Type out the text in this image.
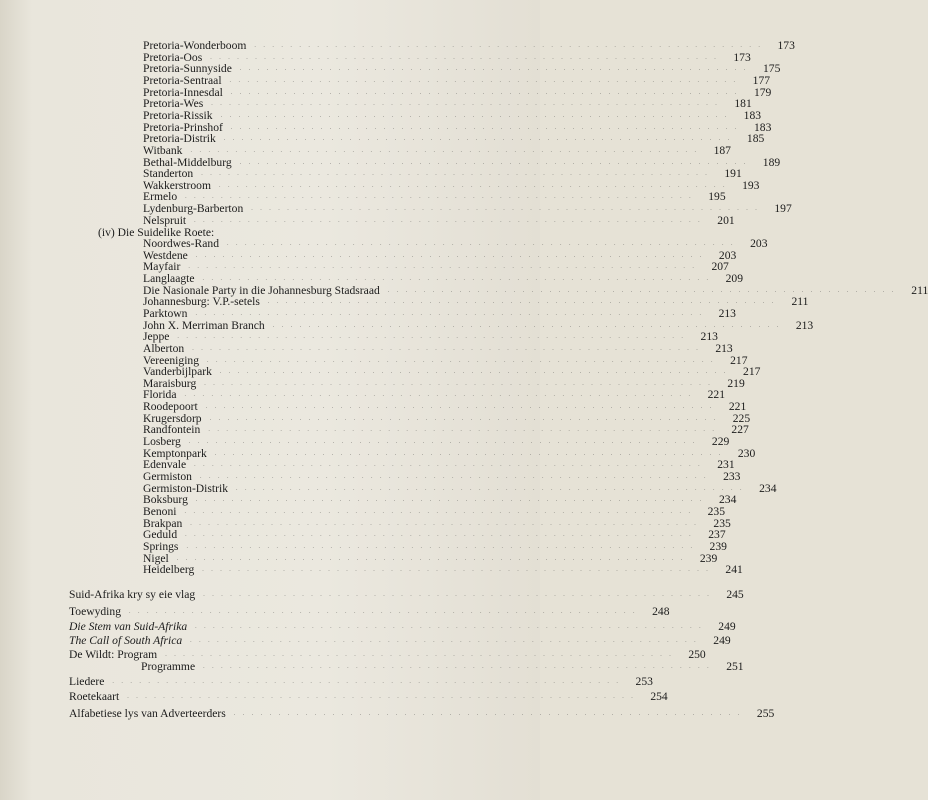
(iv) Die Suidelike Roete:
Pretoria-Wonderboom . . . . . . . . . . . . . . . . . . . . . . . . . . . . . . . . . . . . . . . . . . . . . . . . . . . . . . . . .	173
Pretoria-Oos . . . . . . . . . . . . . . . . . . . . . . . . . . . . . . . . . . . . . . . . . . . . . . . . . . . . . . . . .	173
Pretoria-Sunnyside . . . . . . . . . . . . . . . . . . . . . . . . . . . . . . . . . . . . . . . . . . . . . . . . . . . . . . . . .	175
Pretoria-Sentraal . . . . . . . . . . . . . . . . . . . . . . . . . . . . . . . . . . . . . . . . . . . . . . . . . . . . . . . . .	177
Pretoria-Innesdal . . . . . . . . . . . . . . . . . . . . . . . . . . . . . . . . . . . . . . . . . . . . . . . . . . . . . . . . .	179
Pretoria-Wes . . . . . . . . . . . . . . . . . . . . . . . . . . . . . . . . . . . . . . . . . . . . . . . . . . . . . . . . .	181
Pretoria-Rissik . . . . . . . . . . . . . . . . . . . . . . . . . . . . . . . . . . . . . . . . . . . . . . . . . . . . . . . . .	183
Pretoria-Prinshof . . . . . . . . . . . . . . . . . . . . . . . . . . . . . . . . . . . . . . . . . . . . . . . . . . . . . . . . .	183
Pretoria-Distrik . . . . . . . . . . . . . . . . . . . . . . . . . . . . . . . . . . . . . . . . . . . . . . . . . . . . . . . . .	185
Witbank . . . . . . . . . . . . . . . . . . . . . . . . . . . . . . . . . . . . . . . . . . . . . . . . . . . . . . . . .	187
Bethal-Middelburg . . . . . . . . . . . . . . . . . . . . . . . . . . . . . . . . . . . . . . . . . . . . . . . . . . . . . . . . .	189
Standerton . . . . . . . . . . . . . . . . . . . . . . . . . . . . . . . . . . . . . . . . . . . . . . . . . . . . . . . . .	191
Wakkerstroom . . . . . . . . . . . . . . . . . . . . . . . . . . . . . . . . . . . . . . . . . . . . . . . . . . . . . . . . .	193
Ermelo . . . . . . . . . . . . . . . . . . . . . . . . . . . . . . . . . . . . . . . . . . . . . . . . . . . . . . . . .	195
Lydenburg-Barberton . . . . . . . . . . . . . . . . . . . . . . . . . . . . . . . . . . . . . . . . . . . . . . . . . . . . . . . . .	197
Nelspruit . . . . . . . . . . . . . . . . . . . . . . . . . . . . . . . . . . . . . . . . . . . . . . . . . . . . . . . . .	201
Noordwes-Rand . . . . . . . . . . . . . . . . . . . . . . . . . . . . . . . . . . . . . . . . . . . . . . . . . . . . . . . . .	203
Westdene . . . . . . . . . . . . . . . . . . . . . . . . . . . . . . . . . . . . . . . . . . . . . . . . . . . . . . . . .	203
Mayfair . . . . . . . . . . . . . . . . . . . . . . . . . . . . . . . . . . . . . . . . . . . . . . . . . . . . . . . . .	207
Langlaagte . . . . . . . . . . . . . . . . . . . . . . . . . . . . . . . . . . . . . . . . . . . . . . . . . . . . . . . . .	209
Die Nasionale Party in die Johannesburg Stadsraad . . . . . . . . . . . . . . . . . . . . . . . . . . . . . . . . . . . . . . . . . . . . . . . . . . . . . . . . .	211
Johannesburg: V.P.-setels . . . . . . . . . . . . . . . . . . . . . . . . . . . . . . . . . . . . . . . . . . . . . . . . . . . . . . . . .	211
Parktown . . . . . . . . . . . . . . . . . . . . . . . . . . . . . . . . . . . . . . . . . . . . . . . . . . . . . . . . .	213
John X. Merriman Branch . . . . . . . . . . . . . . . . . . . . . . . . . . . . . . . . . . . . . . . . . . . . . . . . . . . . . . . . .	213
Jeppe . . . . . . . . . . . . . . . . . . . . . . . . . . . . . . . . . . . . . . . . . . . . . . . . . . . . . . . . .	213
Alberton . . . . . . . . . . . . . . . . . . . . . . . . . . . . . . . . . . . . . . . . . . . . . . . . . . . . . . . . .	213
Vereeniging . . . . . . . . . . . . . . . . . . . . . . . . . . . . . . . . . . . . . . . . . . . . . . . . . . . . . . . . .	217
Vanderbijlpark . . . . . . . . . . . . . . . . . . . . . . . . . . . . . . . . . . . . . . . . . . . . . . . . . . . . . . . . .	217
Maraisburg . . . . . . . . . . . . . . . . . . . . . . . . . . . . . . . . . . . . . . . . . . . . . . . . . . . . . . . . .	219
Florida . . . . . . . . . . . . . . . . . . . . . . . . . . . . . . . . . . . . . . . . . . . . . . . . . . . . . . . . .	221
Roodepoort . . . . . . . . . . . . . . . . . . . . . . . . . . . . . . . . . . . . . . . . . . . . . . . . . . . . . . . . .	221
Krugersdorp . . . . . . . . . . . . . . . . . . . . . . . . . . . . . . . . . . . . . . . . . . . . . . . . . . . . . . . . .	225
Randfontein . . . . . . . . . . . . . . . . . . . . . . . . . . . . . . . . . . . . . . . . . . . . . . . . . . . . . . . . .	227
Losberg . . . . . . . . . . . . . . . . . . . . . . . . . . . . . . . . . . . . . . . . . . . . . . . . . . . . . . . . .	229
Kemptonpark . . . . . . . . . . . . . . . . . . . . . . . . . . . . . . . . . . . . . . . . . . . . . . . . . . . . . . . . .	230
Edenvale . . . . . . . . . . . . . . . . . . . . . . . . . . . . . . . . . . . . . . . . . . . . . . . . . . . . . . . . .	231
Germiston . . . . . . . . . . . . . . . . . . . . . . . . . . . . . . . . . . . . . . . . . . . . . . . . . . . . . . . . .	233
Germiston-Distrik . . . . . . . . . . . . . . . . . . . . . . . . . . . . . . . . . . . . . . . . . . . . . . . . . . . . . . . . .	234
Boksburg . . . . . . . . . . . . . . . . . . . . . . . . . . . . . . . . . . . . . . . . . . . . . . . . . . . . . . . . .	234
Benoni . . . . . . . . . . . . . . . . . . . . . . . . . . . . . . . . . . . . . . . . . . . . . . . . . . . . . . . . .	235
Brakpan . . . . . . . . . . . . . . . . . . . . . . . . . . . . . . . . . . . . . . . . . . . . . . . . . . . . . . . . .	235
Geduld . . . . . . . . . . . . . . . . . . . . . . . . . . . . . . . . . . . . . . . . . . . . . . . . . . . . . . . . .	237
Springs . . . . . . . . . . . . . . . . . . . . . . . . . . . . . . . . . . . . . . . . . . . . . . . . . . . . . . . . .	239
Nigel . . . . . . . . . . . . . . . . . . . . . . . . . . . . . . . . . . . . . . . . . . . . . . . . . . . . . . . . .	239
Heidelberg . . . . . . . . . . . . . . . . . . . . . . . . . . . . . . . . . . . . . . . . . . . . . . . . . . . . . . . . .	241
Suid-Afrika kry sy eie vlag . . . . . . . . . . . . . . . . . . . . . . . . . . . . . . . . . . . . . . . . . . . . . . . . . . . . . . . . .	245
Toewyding . . . . . . . . . . . . . . . . . . . . . . . . . . . . . . . . . . . . . . . . . . . . . . . . . . . . . . . . .	248
Die Stem van Suid-Afrika . . . . . . . . . . . . . . . . . . . . . . . . . . . . . . . . . . . . . . . . . . . . . . . . . . . . . . . . .	249
The Call of South Africa . . . . . . . . . . . . . . . . . . . . . . . . . . . . . . . . . . . . . . . . . . . . . . . . . . . . . . . . .	249
De Wildt: Program . . . . . . . . . . . . . . . . . . . . . . . . . . . . . . . . . . . . . . . . . . . . . . . . . . . . . . . . .	250
Programme . . . . . . . . . . . . . . . . . . . . . . . . . . . . . . . . . . . . . . . . . . . . . . . . . . . . . . . . .	251
Liedere . . . . . . . . . . . . . . . . . . . . . . . . . . . . . . . . . . . . . . . . . . . . . . . . . . . . . . . . .	253
Roetekaart . . . . . . . . . . . . . . . . . . . . . . . . . . . . . . . . . . . . . . . . . . . . . . . . . . . . . . . . .	254
Alfabetiese lys van Adverteerders . . . . . . . . . . . . . . . . . . . . . . . . . . . . . . . . . . . . . . . . . . . . . . . . . . . . . . . . .	255
